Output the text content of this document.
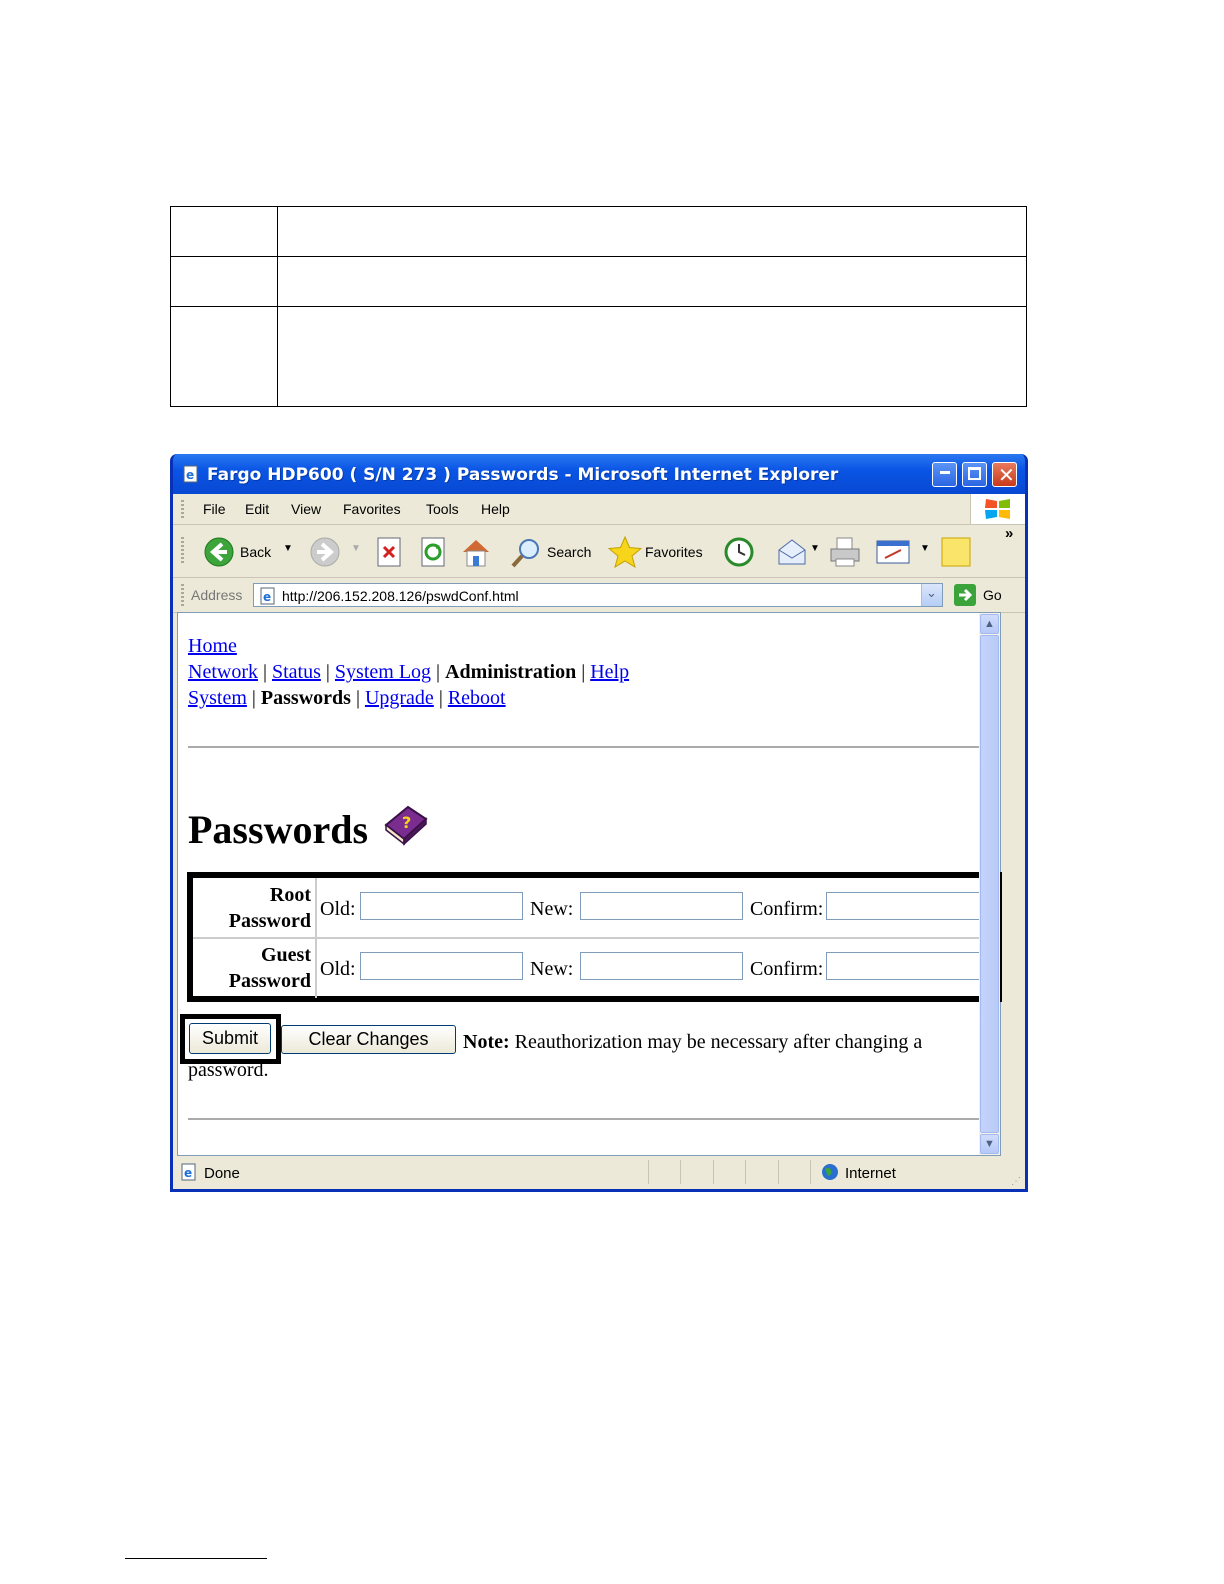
e Fargo HDP600 ( S/N 273 ) Passwords - Microsoft Internet Explorer	✕
File Edit View Favorites Tools Help
Back ▼	▼	Search	Favorites	▼	▼
»
Address e http://206.152.208.126/pswdConf.html	⌄	Go
Home
Network | Status | System Log | Administration | Help
System | Passwords | Upgrade | Reboot
Passwords ?
Root
Password
Old:	New:	Confirm:
Guest
Password
Old:	New:	Confirm:
Submit	Clear Changes	Note: Reauthorization may be necessary after changing a
password.
▲
▼
e Done	Internet	⋰
